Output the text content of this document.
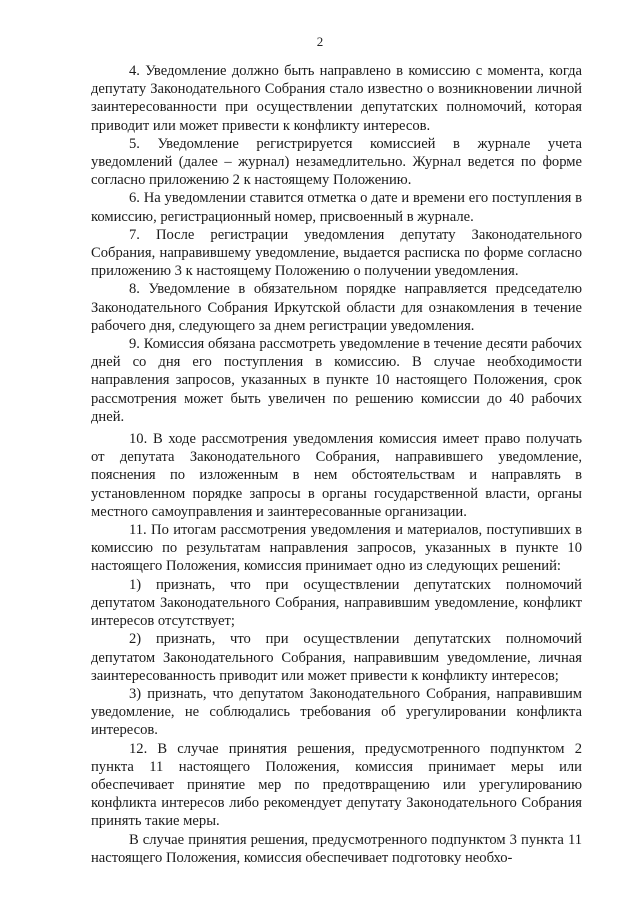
2

4. Уведомление должно быть направлено в комиссию с момента, когда депутату Законодательного Собрания стало известно о возникновении личной заинтересованности при осуществлении депутатских полномочий, которая приводит или может привести к конфликту интересов.

5. Уведомление регистрируется комиссией в журнале учета уведомлений (далее – журнал) незамедлительно. Журнал ведется по форме согласно приложению 2 к настоящему Положению.

6. На уведомлении ставится отметка о дате и времени его поступления в комиссию, регистрационный номер, присвоенный в журнале.

7. После регистрации уведомления депутату Законодательного Собрания, направившему уведомление, выдается расписка по форме согласно приложению 3 к настоящему Положению о получении уведомления.

8. Уведомление в обязательном порядке направляется председателю Законодательного Собрания Иркутской области для ознакомления в течение рабочего дня, следующего за днем регистрации уведомления.

9. Комиссия обязана рассмотреть уведомление в течение десяти рабочих дней со дня его поступления в комиссию. В случае необходимости направления запросов, указанных в пункте 10 настоящего Положения, срок рассмотрения может быть увеличен по решению комиссии до 40 рабочих дней.

10. В ходе рассмотрения уведомления комиссия имеет право получать от депутата Законодательного Собрания, направившего уведомление, пояснения по изложенным в нем обстоятельствам и направлять в установленном порядке запросы в органы государственной власти, органы местного самоуправления и заинтересованные организации.

11. По итогам рассмотрения уведомления и материалов, поступивших в комиссию по результатам направления запросов, указанных в пункте 10 настоящего Положения, комиссия принимает одно из следующих решений:

1) признать, что при осуществлении депутатских полномочий депутатом Законодательного Собрания, направившим уведомление, конфликт интересов отсутствует;

2) признать, что при осуществлении депутатских полномочий депутатом Законодательного Собрания, направившим уведомление, личная заинтересованность приводит или может привести к конфликту интересов;

3) признать, что депутатом Законодательного Собрания, направившим уведомление, не соблюдались требования об урегулировании конфликта интересов.

12. В случае принятия решения, предусмотренного подпунктом 2 пункта 11 настоящего Положения, комиссия принимает меры или обеспечивает принятие мер по предотвращению или урегулированию конфликта интересов либо рекомендует депутату Законодательного Собрания принять такие меры.

В случае принятия решения, предусмотренного подпунктом 3 пункта 11 настоящего Положения, комиссия обеспечивает подготовку необхо-
